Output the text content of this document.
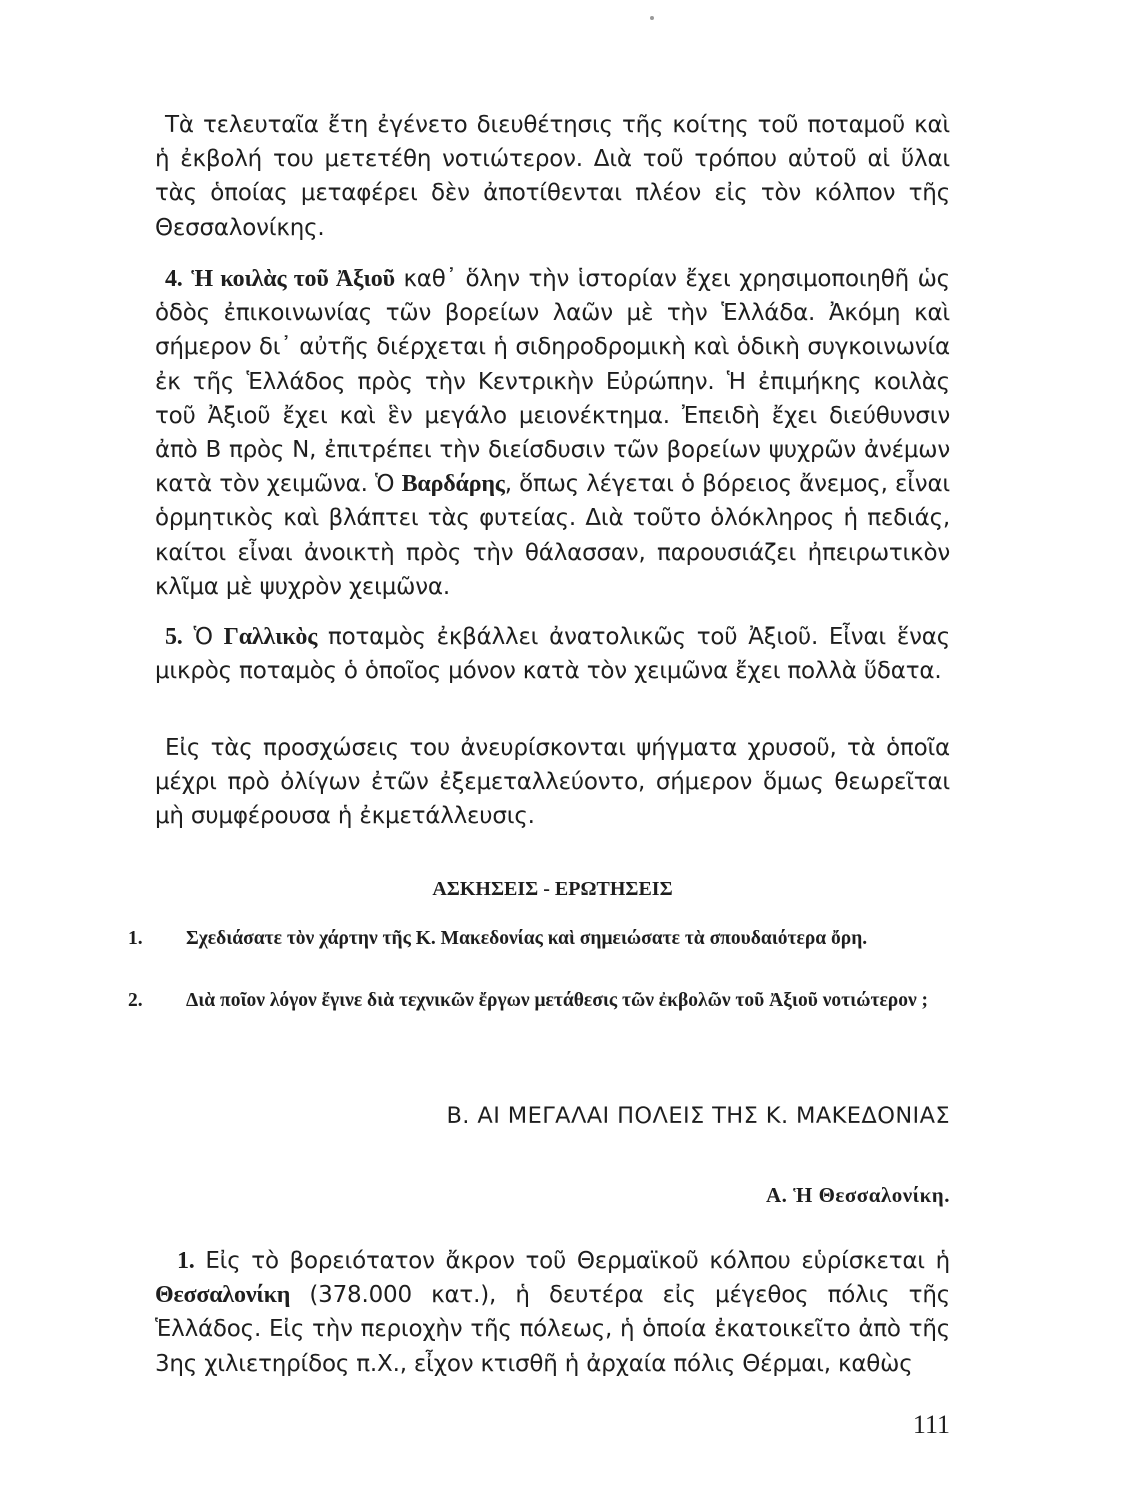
Τὰ τελευταῖα ἔτη ἐγένετο διευθέτησις τῆς κοίτης τοῦ ποταμοῦ καὶ ἡ ἐκβολή του μετετέθη νοτιώτερον. Διὰ τοῦ τρόπου αὐτοῦ αἱ ὕλαι τὰς ὁποίας μεταφέρει δὲν ἀποτίθενται πλέον εἰς τὸν κόλπον τῆς Θεσσαλονίκης.
4. Ἡ κοιλὰς τοῦ Ἀξιοῦ καθ᾽ ὅλην τὴν ἱστορίαν ἔχει χρησιμοποιηθῆ ὡς ὁδὸς ἐπικοινωνίας τῶν βορείων λαῶν μὲ τὴν Ἑλλάδα. Ἀκόμη καὶ σήμερον δι᾽ αὐτῆς διέρχεται ἡ σιδηροδρομικὴ καὶ ὁδικὴ συγκοινωνία ἐκ τῆς Ἑλλάδος πρὸς τὴν Κεντρικὴν Εὐρώπην. Ἡ ἐπιμήκης κοιλὰς τοῦ Ἀξιοῦ ἔχει καὶ ἓν μεγάλο μειονέκτημα. Ἐπειδὴ ἔχει διεύθυνσιν ἀπὸ Β πρὸς Ν, ἐπιτρέπει τὴν διείσδυσιν τῶν βορείων ψυχρῶν ἀνέμων κατὰ τὸν χειμῶνα. Ὁ Βαρδάρης, ὅπως λέγεται ὁ βόρειος ἄνεμος, εἶναι ὁρμητικὸς καὶ βλάπτει τὰς φυτείας. Διὰ τοῦτο ὁλόκληρος ἡ πεδιάς, καίτοι εἶναι ἀνοικτὴ πρὸς τὴν θάλασσαν, παρουσιάζει ἠπειρωτικὸν κλῖμα μὲ ψυχρὸν χειμῶνα.
5. Ὁ Γαλλικὸς ποταμὸς ἐκβάλλει ἀνατολικῶς τοῦ Ἀξιοῦ. Εἶναι ἕνας μικρὸς ποταμὸς ὁ ὁποῖος μόνον κατὰ τὸν χειμῶνα ἔχει πολλὰ ὕδατα.
Εἰς τὰς προσχώσεις του ἀνευρίσκονται ψήγματα χρυσοῦ, τὰ ὁποῖα μέχρι πρὸ ὀλίγων ἐτῶν ἐξεμεταλλεύοντο, σήμερον ὅμως θεωρεῖται μὴ συμφέρουσα ἡ ἐκμετάλλευσις.
ΑΣΚΗΣΕΙΣ - ΕΡΩΤΗΣΕΙΣ
1. Σχεδιάσατε τὸν χάρτην τῆς Κ. Μακεδονίας καὶ σημειώσατε τὰ σπουδαιότερα ὄρη.
2. Διὰ ποῖον λόγον ἔγινε διὰ τεχνικῶν ἔργων μετάθεσις τῶν ἐκβολῶν τοῦ Ἀξιοῦ νοτιώτερον ;
Β. ΑΙ ΜΕΓΑΛΑΙ ΠΟΛΕΙΣ ΤΗΣ Κ. ΜΑΚΕΔΟΝΙΑΣ
Α. Ἡ Θεσσαλονίκη.
1. Εἰς τὸ βορειότατον ἄκρον τοῦ Θερμαϊκοῦ κόλπου εὑρίσκεται ἡ Θεσσαλονίκη (378.000 κατ.), ἡ δευτέρα εἰς μέγεθος πόλις τῆς Ἑλλάδος. Εἰς τὴν περιοχὴν τῆς πόλεως, ἡ ὁποία ἐκατοικεῖτο ἀπὸ τῆς 3ης χιλιετηρίδος π.Χ., εἶχον κτισθῆ ἡ ἀρχαία πόλις Θέρμαι, καθὼς
111
